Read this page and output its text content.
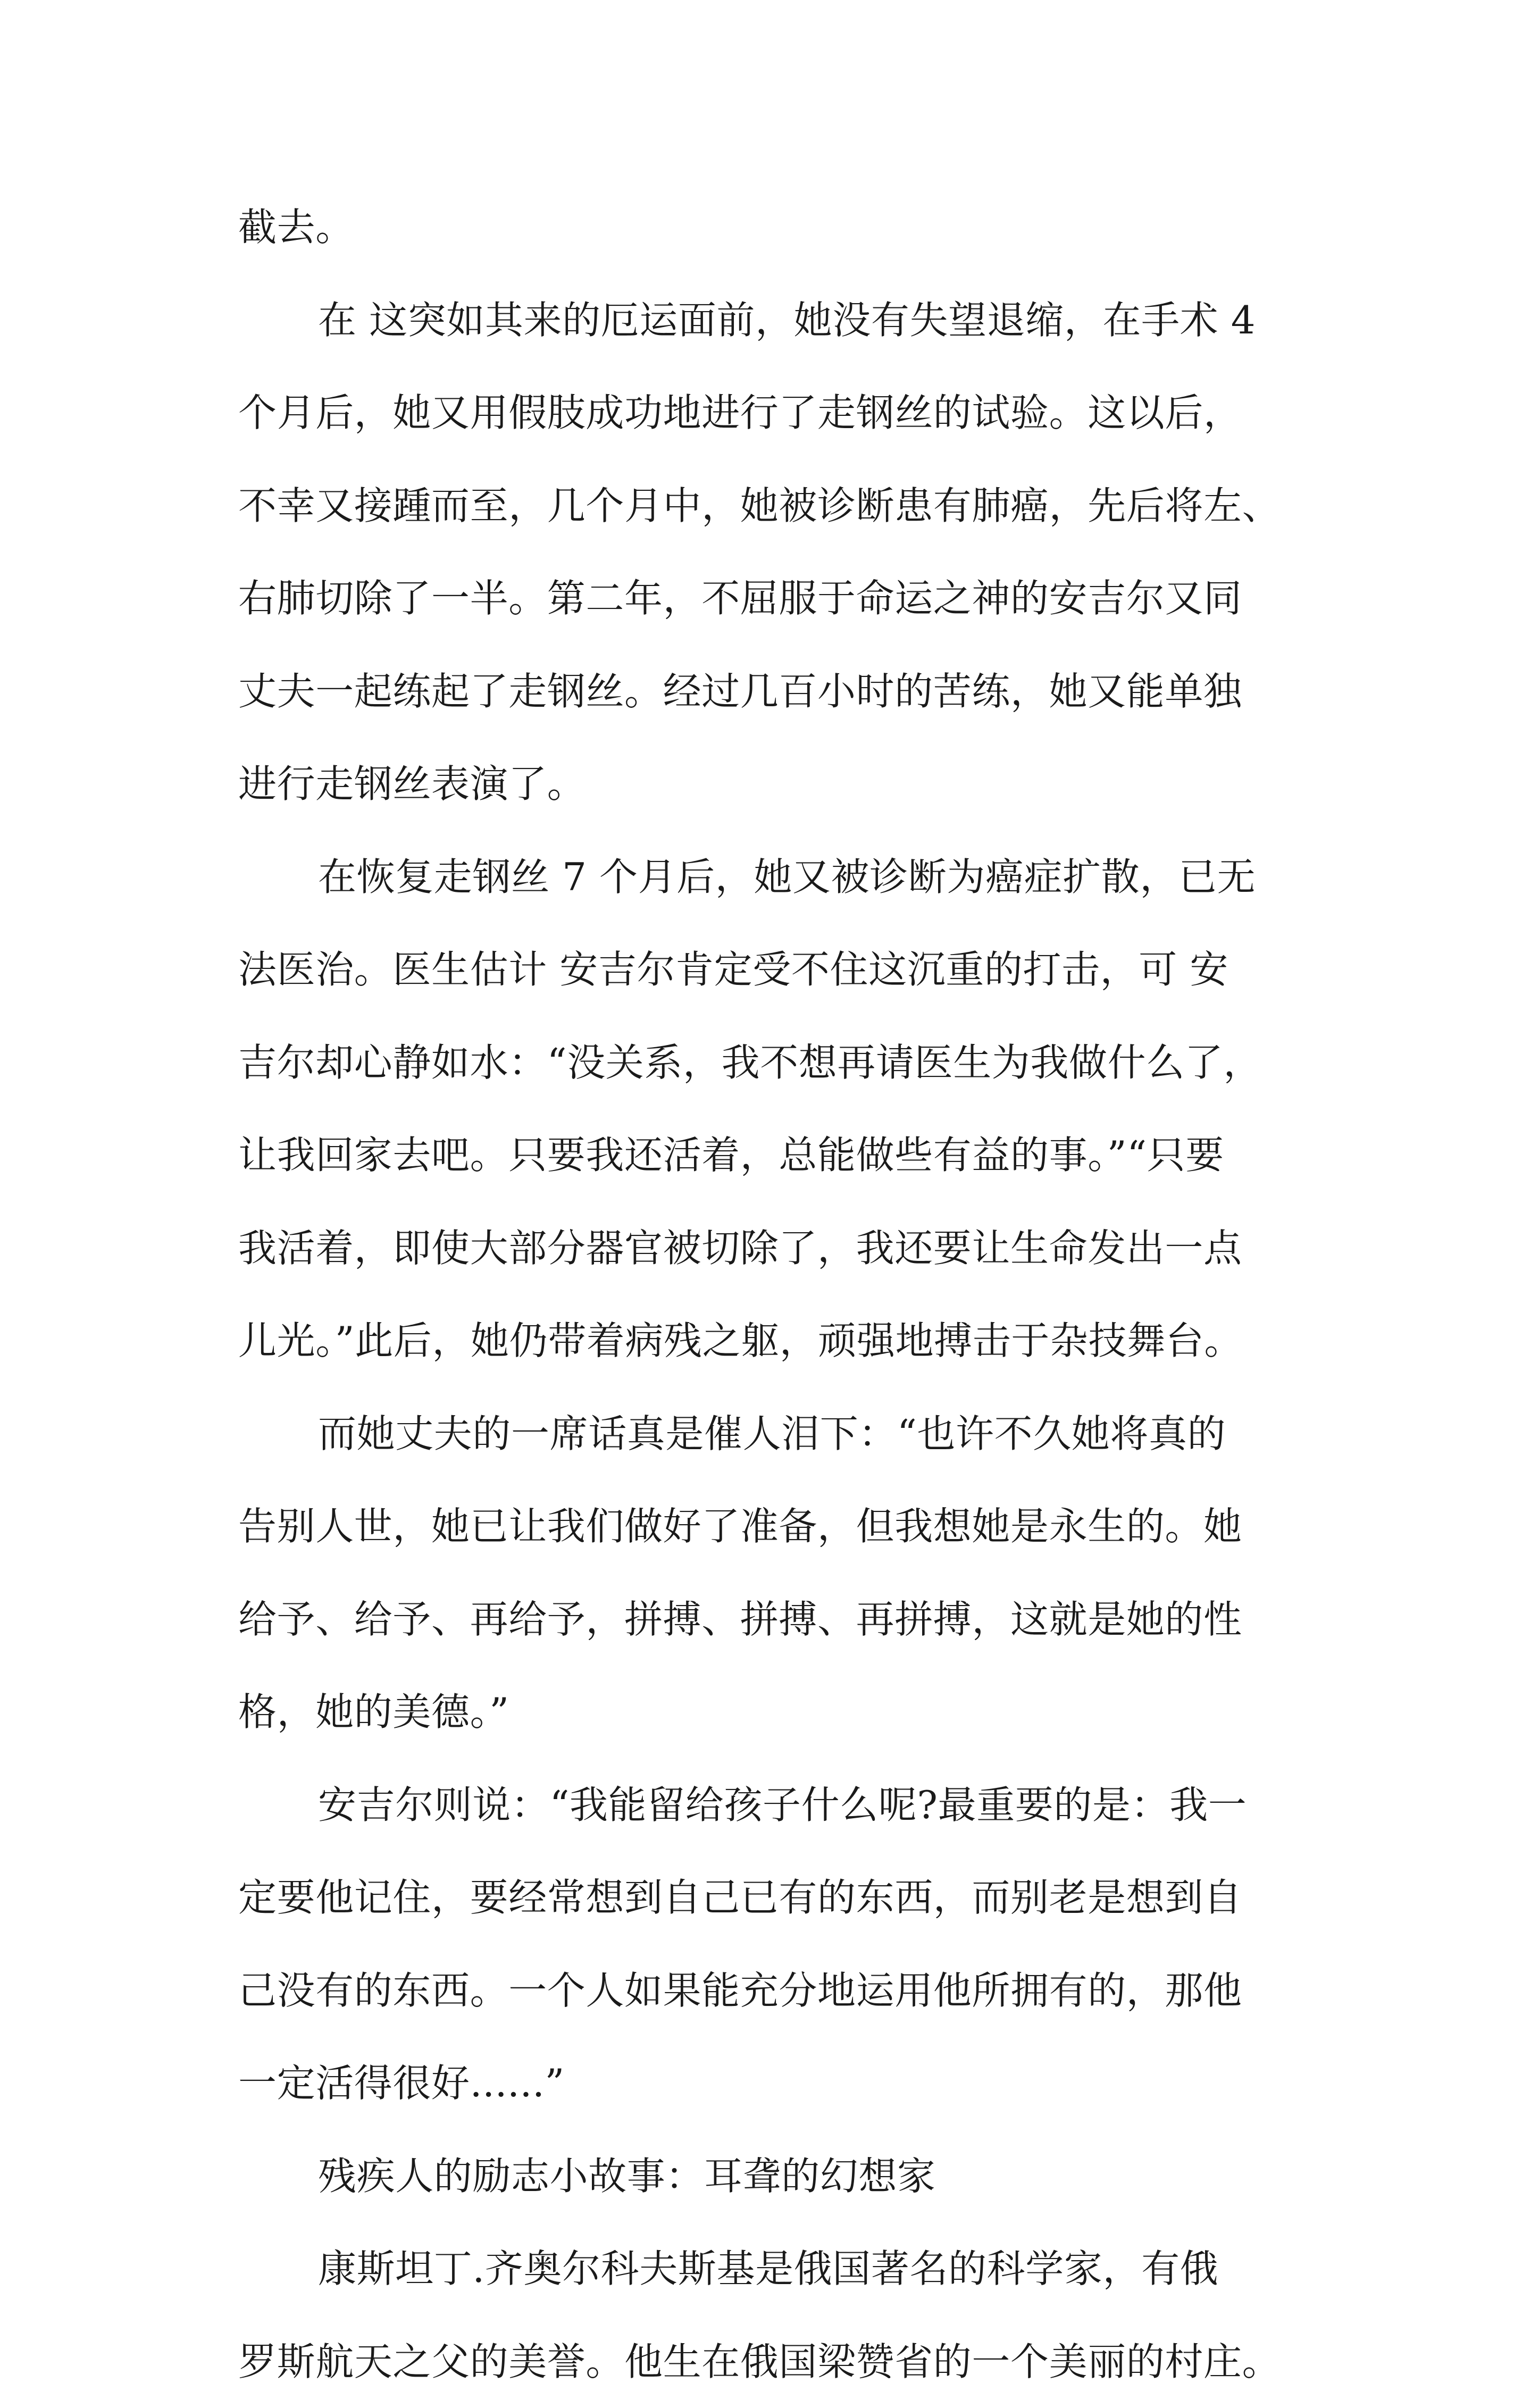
截去。
在 这突如其来的厄运面前，她没有失望退缩，在手术 4
个月后，她又用假肢成功地进行了走钢丝的试验。这以后，
不幸又接踵而至，几个月中，她被诊断患有肺癌，先后将左、
右肺切除了一半。第二年，不屈服于命运之神的安吉尔又同
丈夫一起练起了走钢丝。经过几百小时的苦练，她又能单独
进行走钢丝表演了。
在恢复走钢丝 7 个月后，她又被诊断为癌症扩散，已无
法医治。医生估计 安吉尔肯定受不住这沉重的打击，可 安
吉尔却心静如水：“没关系，我不想再请医生为我做什么了，
让我回家去吧。只要我还活着，总能做些有益的事。”“只要
我活着，即使大部分器官被切除了，我还要让生命发出一点
儿光。”此后，她仍带着病残之躯，顽强地搏击于杂技舞台。
而她丈夫的一席话真是催人泪下：“也许不久她将真的
告别人世，她已让我们做好了准备，但我想她是永生的。她
给予、给予、再给予，拼搏、拼搏、再拼搏，这就是她的性
格，她的美德。”
安吉尔则说：“我能留给孩子什么呢?最重要的是：我一
定要他记住，要经常想到自己已有的东西，而别老是想到自
己没有的东西。一个人如果能充分地运用他所拥有的，那他
一定活得很好......”
残疾人的励志小故事：耳聋的幻想家
康斯坦丁.齐奥尔科夫斯基是俄国著名的科学家，有俄
罗斯航天之父的美誉。他生在俄国梁赞省的一个美丽的村庄。
